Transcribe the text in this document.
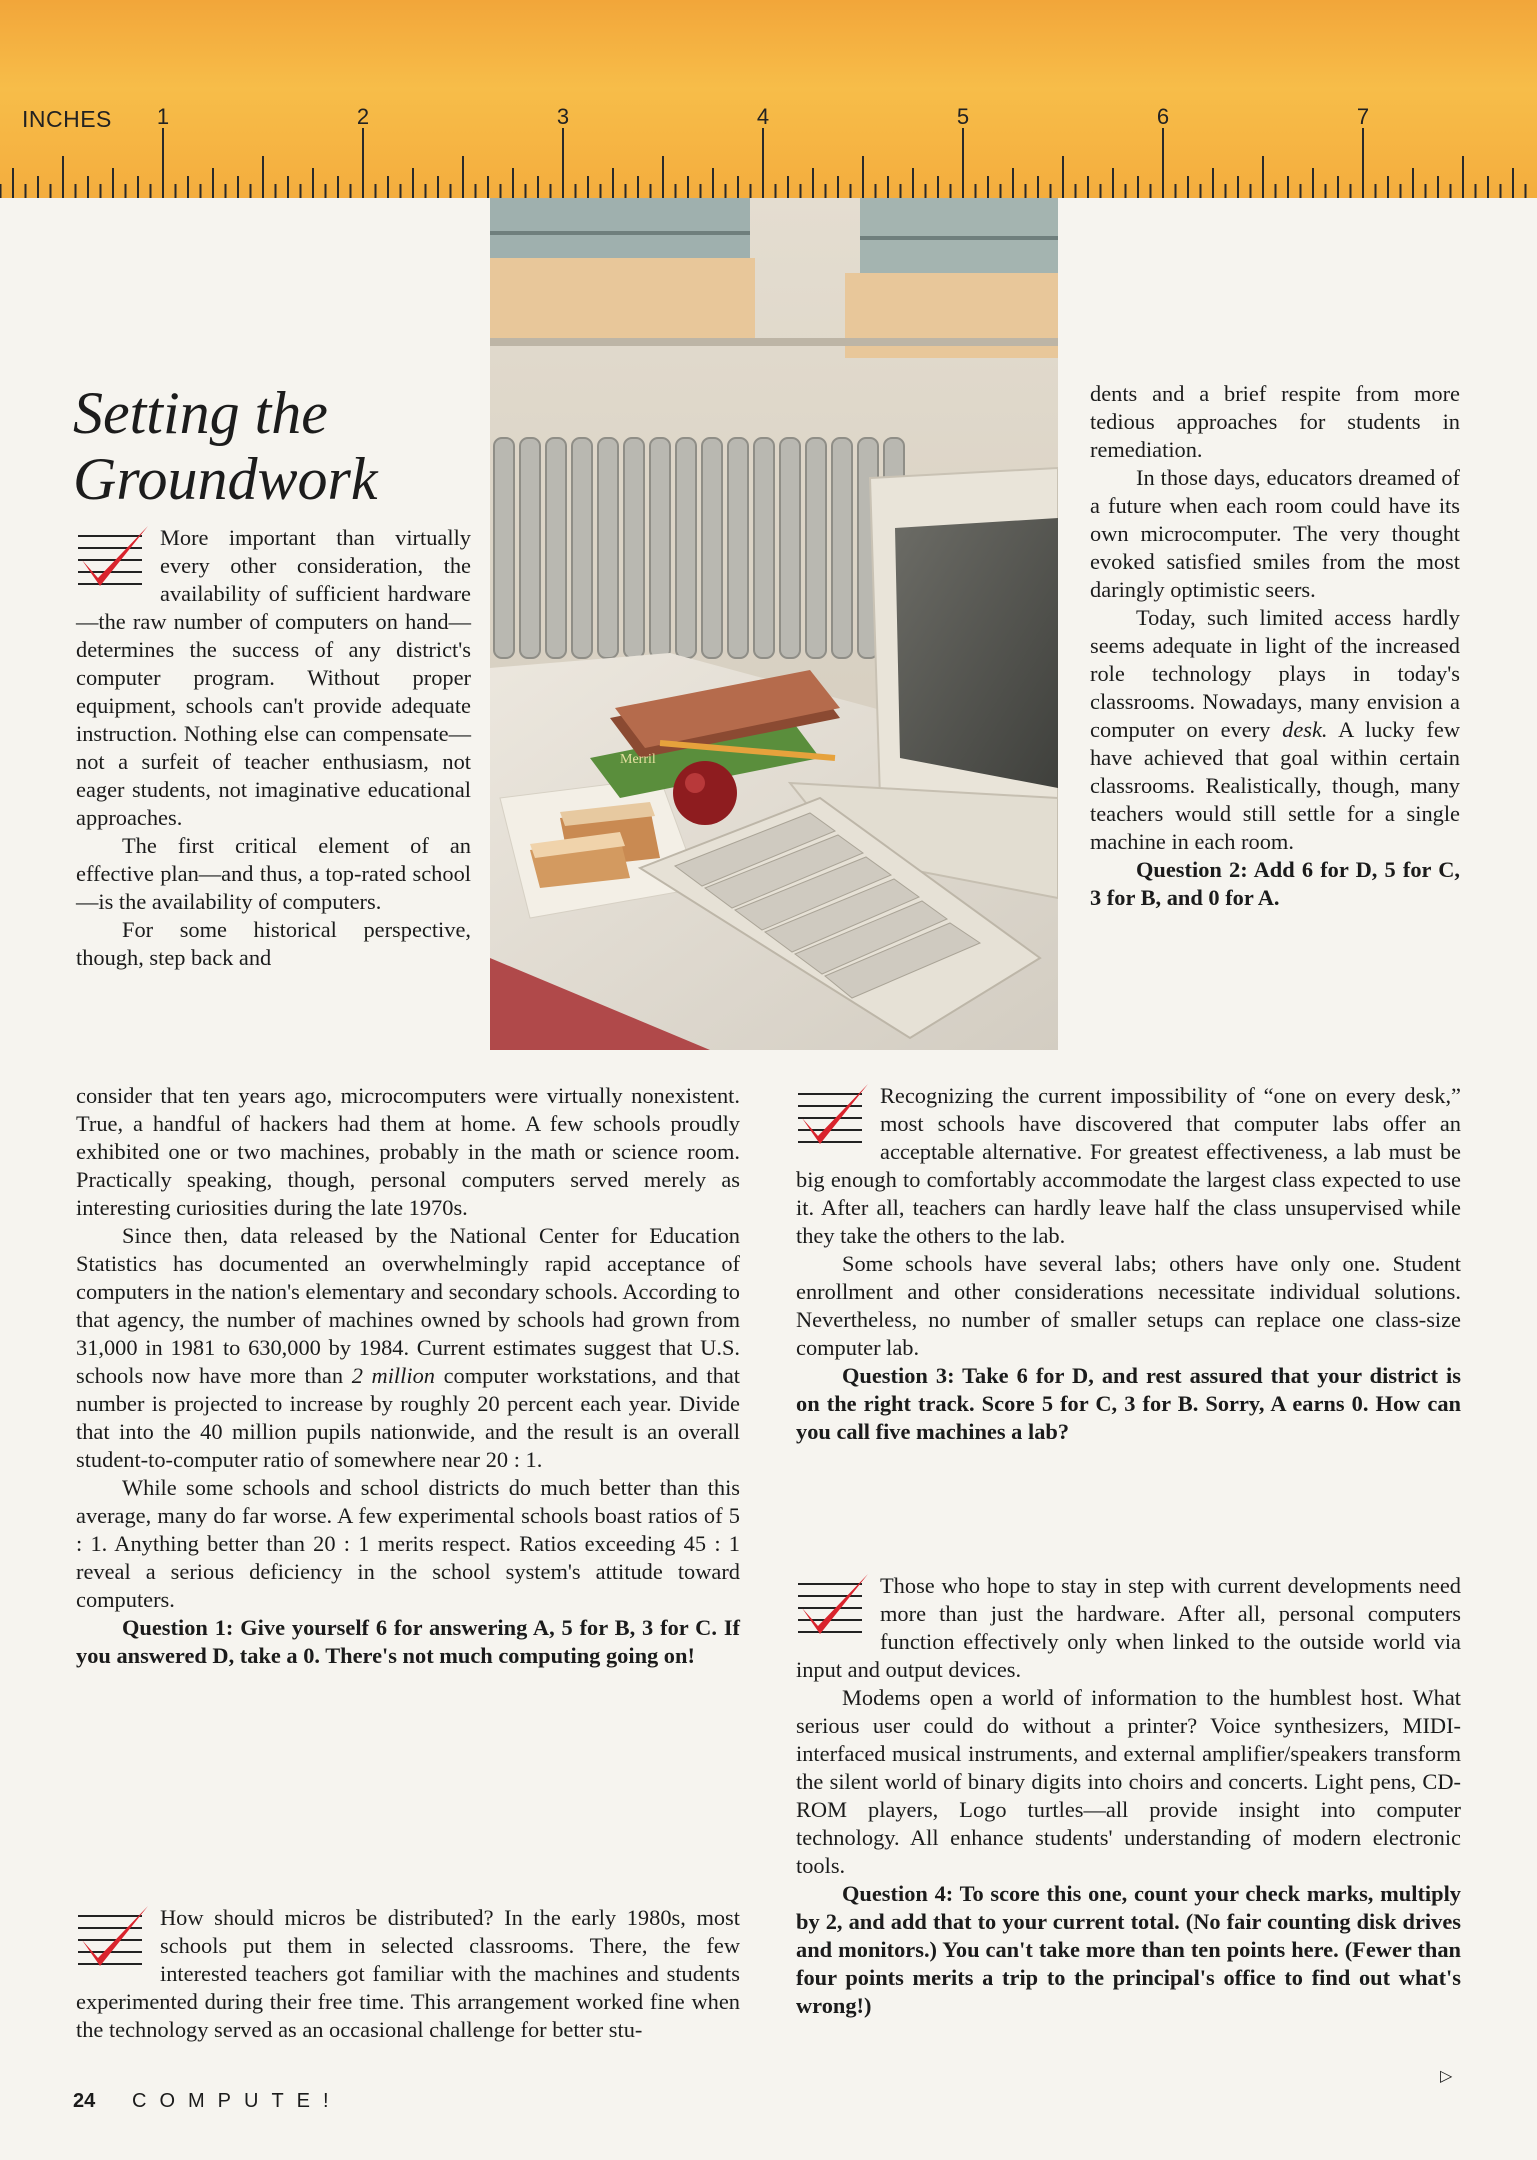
INCHES 1	2	3	4	5	6	7
Merril
Setting the
Groundwork

More important than virtually every other consideration, the availability of sufficient hardware—the raw number of computers on hand—determines the success of any district's computer program. Without proper equipment, schools can't provide adequate instruction. Nothing else can compensate—not a surfeit of teacher enthusiasm, not eager students, not imaginative educational approaches.

The first critical element of an effective plan—and thus, a top-rated school—is the availability of computers.

For some historical perspective, though, step back and

consider that ten years ago, microcomputers were virtually nonexistent. True, a handful of hackers had them at home. A few schools proudly exhibited one or two machines, probably in the math or science room. Practically speaking, though, personal computers served merely as interesting curiosities during the late 1970s.

Since then, data released by the National Center for Education Statistics has documented an overwhelmingly rapid acceptance of computers in the nation's elementary and secondary schools. According to that agency, the number of machines owned by schools had grown from 31,000 in 1981 to 630,000 by 1984. Current estimates suggest that U.S. schools now have more than 2 million computer workstations, and that number is projected to increase by roughly 20 percent each year. Divide that into the 40 million pupils nationwide, and the result is an overall student-to-computer ratio of somewhere near 20 : 1.

While some schools and school districts do much better than this average, many do far worse. A few experimental schools boast ratios of 5 : 1. Anything better than 20 : 1 merits respect. Ratios exceeding 45 : 1 reveal a serious deficiency in the school system's attitude toward computers.

Question 1: Give yourself 6 for answering A, 5 for B, 3 for C. If you answered D, take a 0. There's not much computing going on!

How should micros be distributed? In the early 1980s, most schools put them in selected classrooms. There, the few interested teachers got familiar with the machines and students experimented during their free time. This arrangement worked fine when the technology served as an occasional challenge for better stu-

dents and a brief respite from more tedious approaches for students in remediation.

In those days, educators dreamed of a future when each room could have its own microcomputer. The very thought evoked satisfied smiles from the most daringly optimistic seers.

Today, such limited access hardly seems adequate in light of the increased role technology plays in today's classrooms. Nowadays, many envision a computer on every desk. A lucky few have achieved that goal within certain classrooms. Realistically, though, many teachers would still settle for a single machine in each room.

Question 2: Add 6 for D, 5 for C, 3 for B, and 0 for A.

Recognizing the current impossibility of “one on every desk,” most schools have discovered that computer labs offer an acceptable alternative. For greatest effectiveness, a lab must be big enough to comfortably accommodate the largest class expected to use it. After all, teachers can hardly leave half the class unsupervised while they take the others to the lab.

Some schools have several labs; others have only one. Student enrollment and other considerations necessitate individual solutions. Nevertheless, no number of smaller setups can replace one class-size computer lab.

Question 3: Take 6 for D, and rest assured that your district is on the right track. Score 5 for C, 3 for B. Sorry, A earns 0. How can you call five machines a lab?

Those who hope to stay in step with current developments need more than just the hardware. After all, personal computers function effectively only when linked to the outside world via input and output devices.

Modems open a world of information to the humblest host. What serious user could do without a printer? Voice synthesizers, MIDI-interfaced musical instruments, and external amplifier/speakers transform the silent world of binary digits into choirs and concerts. Light pens, CD-ROM players, Logo turtles—all provide insight into computer technology. All enhance students' understanding of modern electronic tools.

Question 4: To score this one, count your check marks, multiply by 2, and add that to your current total. (No fair counting disk drives and monitors.) You can't take more than ten points here. (Fewer than four points merits a trip to the principal's office to find out what's wrong!)

24 COMPUTE!
▷
